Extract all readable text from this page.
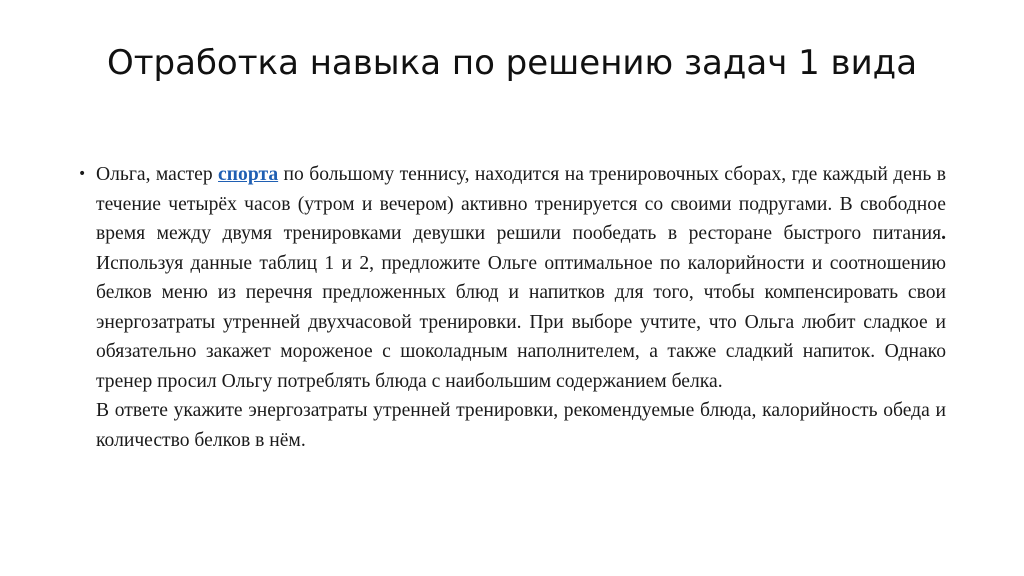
Отработка навыка по решению задач 1 вида
• Ольга, мастер спорта по большому теннису, находится на тренировочных сборах, где каждый день в течение четырёх часов (утром и вечером) активно тренируется со своими подругами. В свободное время между двумя тренировками девушки решили пообедать в ресторане быстрого питания. Используя данные таблиц 1 и 2, предложите Ольге оптимальное по калорийности и соотношению белков меню из перечня предложенных блюд и напитков для того, чтобы компенсировать свои энергозатраты утренней двухчасовой тренировки. При выборе учтите, что Ольга любит сладкое и обязательно закажет мороженое с шоколадным наполнителем, а также сладкий напиток. Однако тренер просил Ольгу потреблять блюда с наибольшим содержанием белка.

В ответе укажите энергозатраты утренней тренировки, рекомендуемые блюда, калорийность обеда и количество белков в нём.
